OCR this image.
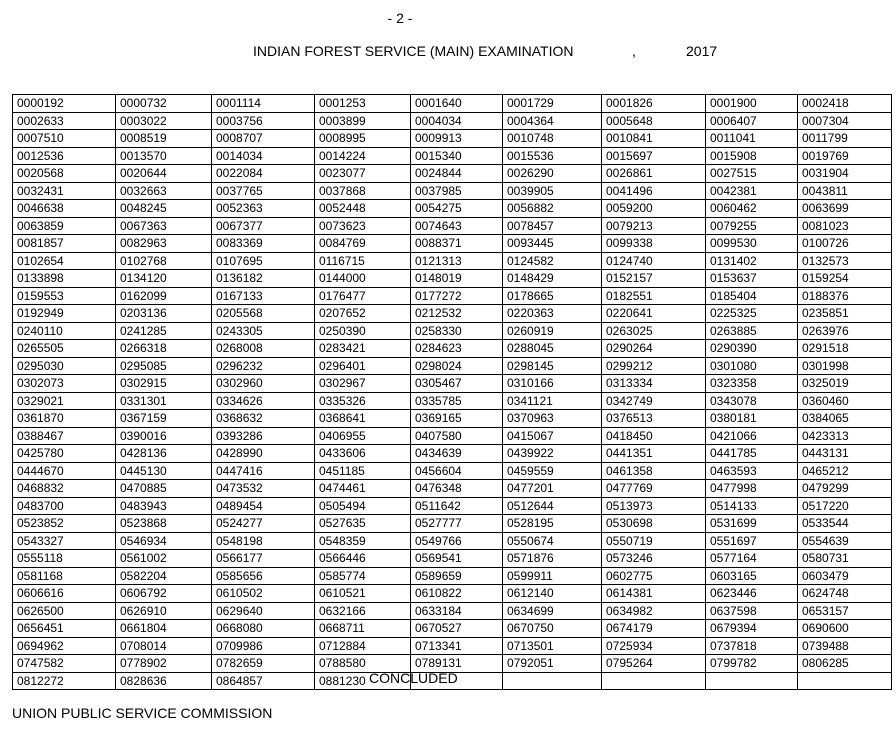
- 2 -
INDIAN FOREST SERVICE (MAIN) EXAMINATION	,	2017
0000192	0000732	0001114	0001253	0001640	0001729	0001826	0001900	0002418
0002633	0003022	0003756	0003899	0004034	0004364	0005648	0006407	0007304
0007510	0008519	0008707	0008995	0009913	0010748	0010841	0011041	0011799
0012536	0013570	0014034	0014224	0015340	0015536	0015697	0015908	0019769
0020568	0020644	0022084	0023077	0024844	0026290	0026861	0027515	0031904
0032431	0032663	0037765	0037868	0037985	0039905	0041496	0042381	0043811
0046638	0048245	0052363	0052448	0054275	0056882	0059200	0060462	0063699
0063859	0067363	0067377	0073623	0074643	0078457	0079213	0079255	0081023
0081857	0082963	0083369	0084769	0088371	0093445	0099338	0099530	0100726
0102654	0102768	0107695	0116715	0121313	0124582	0124740	0131402	0132573
0133898	0134120	0136182	0144000	0148019	0148429	0152157	0153637	0159254
0159553	0162099	0167133	0176477	0177272	0178665	0182551	0185404	0188376
0192949	0203136	0205568	0207652	0212532	0220363	0220641	0225325	0235851
0240110	0241285	0243305	0250390	0258330	0260919	0263025	0263885	0263976
0265505	0266318	0268008	0283421	0284623	0288045	0290264	0290390	0291518
0295030	0295085	0296232	0296401	0298024	0298145	0299212	0301080	0301998
0302073	0302915	0302960	0302967	0305467	0310166	0313334	0323358	0325019
0329021	0331301	0334626	0335326	0335785	0341121	0342749	0343078	0360460
0361870	0367159	0368632	0368641	0369165	0370963	0376513	0380181	0384065
0388467	0390016	0393286	0406955	0407580	0415067	0418450	0421066	0423313
0425780	0428136	0428990	0433606	0434639	0439922	0441351	0441785	0443131
0444670	0445130	0447416	0451185	0456604	0459559	0461358	0463593	0465212
0468832	0470885	0473532	0474461	0476348	0477201	0477769	0477998	0479299
0483700	0483943	0489454	0505494	0511642	0512644	0513973	0514133	0517220
0523852	0523868	0524277	0527635	0527777	0528195	0530698	0531699	0533544
0543327	0546934	0548198	0548359	0549766	0550674	0550719	0551697	0554639
0555118	0561002	0566177	0566446	0569541	0571876	0573246	0577164	0580731
0581168	0582204	0585656	0585774	0589659	0599911	0602775	0603165	0603479
0606616	0606792	0610502	0610521	0610822	0612140	0614381	0623446	0624748
0626500	0626910	0629640	0632166	0633184	0634699	0634982	0637598	0653157
0656451	0661804	0668080	0668711	0670527	0670750	0674179	0679394	0690600
0694962	0708014	0709986	0712884	0713341	0713501	0725934	0737818	0739488
0747582	0778902	0782659	0788580	0789131	0792051	0795264	0799782	0806285
0812272	0828636	0864857	0881230					CONCLUDED
UNION PUBLIC SERVICE COMMISSION
